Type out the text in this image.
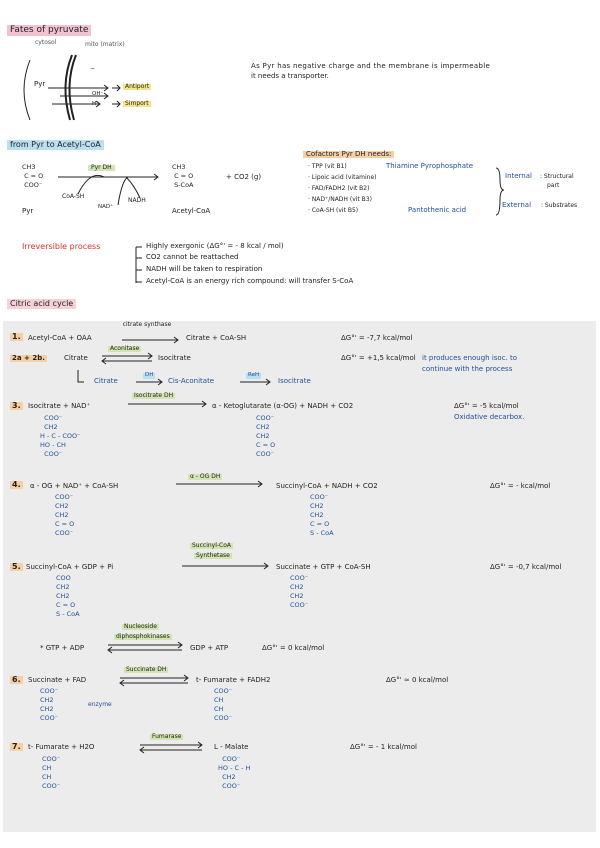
Fates of pyruvate
cytosol	mito (matrix)
Pyr
−
OH⁻
H⁺
Antiport
Simport
As Pyr has negative charge and the membrane is impermeable
it needs a transporter.
from Pyr to Acetyl-CoA
CH3
C = O
COO⁻
Pyr
Pyr DH
CoA-SH
NAD⁺
NADH
CH3
C = O
S-CoA
Acetyl-CoA
+ CO2 (g)
Cofactors Pyr DH needs:
· TPP (vit B1)	Thiamine Pyrophosphate
· Lipoic acid (vitamine)
· FAD/FADH2 (vit B2)
· NAD⁺/NADH (vit B3)
· CoA-SH (vit B5)	Pantothenic acid
Internal : Structural
part
External : Substrates
Irreversible process	Highly exergonic (ΔG°' = - 8 kcal / mol)
CO2 cannot be reattached
NADH will be taken to respiration
Acetyl-CoA is an energy rich compound: will transfer S-CoA
Citric acid cycle
1. Acetyl-CoA + OAA
citrate synthase
Citrate + CoA-SH	ΔG°' = -7,7 kcal/mol
2a + 2b.	Citrate
Aconitase
Isocitrate	ΔG°' = +1,5 kcal/mol it produces enough isoc. to
continue with the process
Citrate
DH
Cis-Aconitate
ReH
Isocitrate
3. Isocitrate + NAD⁺
Isocitrate DH
α - Ketoglutarate (α-OG) + NADH + CO2	ΔG°' = -5 kcal/mol
Oxidative decarbox.
COO⁻
CH2
H - C - COO⁻
HO - CH
COO⁻
COO⁻
CH2
CH2
C = O
COO⁻
4. α - OG + NAD⁺ + CoA-SH
α - OG DH
Succinyl-CoA + NADH + CO2	ΔG°' = - kcal/mol
COO⁻
CH2
CH2
C = O
COO⁻
COO⁻
CH2
CH2
C = O
S - CoA
5. Succinyl-CoA + GDP + Pi
Succinyl-CoA
Synthetase
Succinate + GTP + CoA-SH	ΔG°' = -0,7 kcal/mol
COO
CH2
CH2
C = O
S - CoA
COO⁻
CH2
CH2
COO⁻
Nucleoside
diphosphokinases
* GTP + ADP	GDP + ATP	ΔG°' = 0 kcal/mol
6. Succinate + FAD
Succinate DH
t- Fumarate + FADH2	ΔG°' ≃ 0 kcal/mol
COO⁻
CH2
CH2
COO⁻
enzyme
COO⁻
CH
CH
COO⁻
7. t- Fumarate + H2O
Fumarase
L - Malate	ΔG°' = - 1 kcal/mol
COO⁻
CH
CH
COO⁻
COO⁻
HO - C - H
CH2
COO⁻
